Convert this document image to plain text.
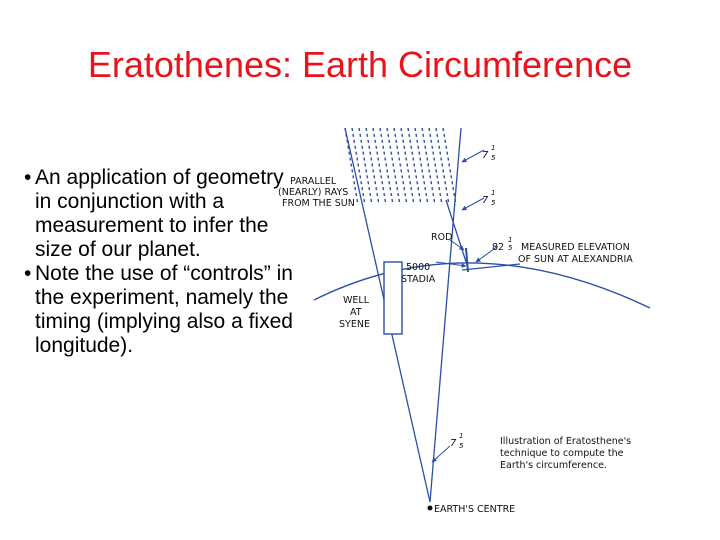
Eratothenes: Earth Circumference
• An application of geometry in conjunction with a measurement to infer the size of our planet.
• Note the use of “controls” in the experiment, namely the timing (implying also a fixed longitude).
PARALLEL
(NEARLY) RAYS
FROM THE SUN
ROD
5000
STADIA
WELL
AT
SYENE
82 MEASURED ELEVATION
OF SUN AT ALEXANDRIA
Illustration of Eratosthene's
technique to compute the
Earth's circumference.
EARTH'S CENTRE
7
1
5
7
1
5
1
5
7
1
5
